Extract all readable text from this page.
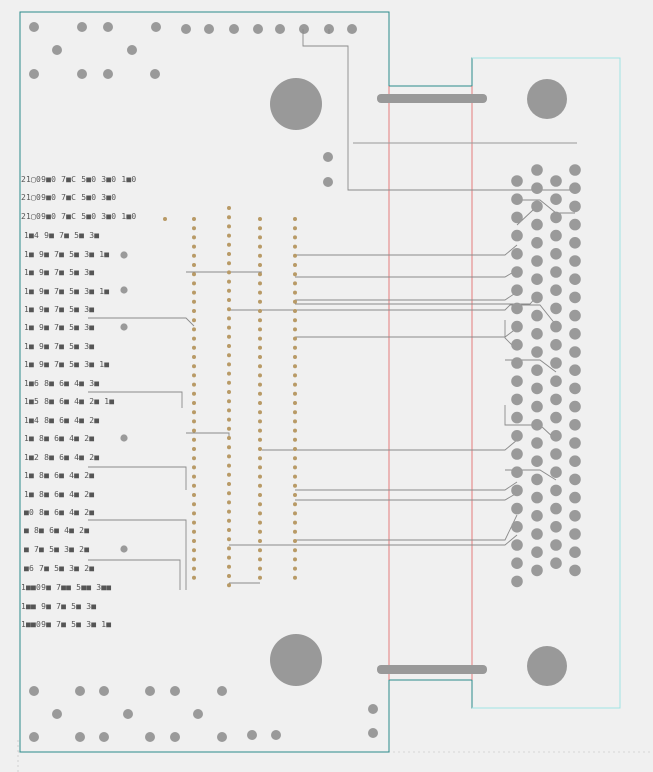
21▢09■0 7■C 5■0 3■0 1■0
21▢09■0 7■C 5■0 3■0
21▢09■0 7■C 5■0 3■0 1■0
1■4 9■ 7■ 5■ 3■
1■ 9■ 7■ 5■ 3■ 1■
1■ 9■ 7■ 5■ 3■
1■ 9■ 7■ 5■ 3■ 1■
1■ 9■ 7■ 5■ 3■
1■ 9■ 7■ 5■ 3■
1■ 9■ 7■ 5■ 3■
1■ 9■ 7■ 5■ 3■ 1■
1■6 8■ 6■ 4■ 3■
1■5 8■ 6■ 4■ 2■ 1■
1■4 8■ 6■ 4■ 2■
1■ 8■ 6■ 4■ 2■
1■2 8■ 6■ 4■ 2■
1■ 8■ 6■ 4■ 2■
1■ 8■ 6■ 4■ 2■
■0 8■ 6■ 4■ 2■
■ 8■ 6■ 4■ 2■
■ 7■ 5■ 3■ 2■
■6 7■ 5■ 3■ 2■
1■■09■ 7■■ 5■■ 3■■
1■■ 9■ 7■ 5■ 3■
1■■09■ 7■ 5■ 3■ 1■
